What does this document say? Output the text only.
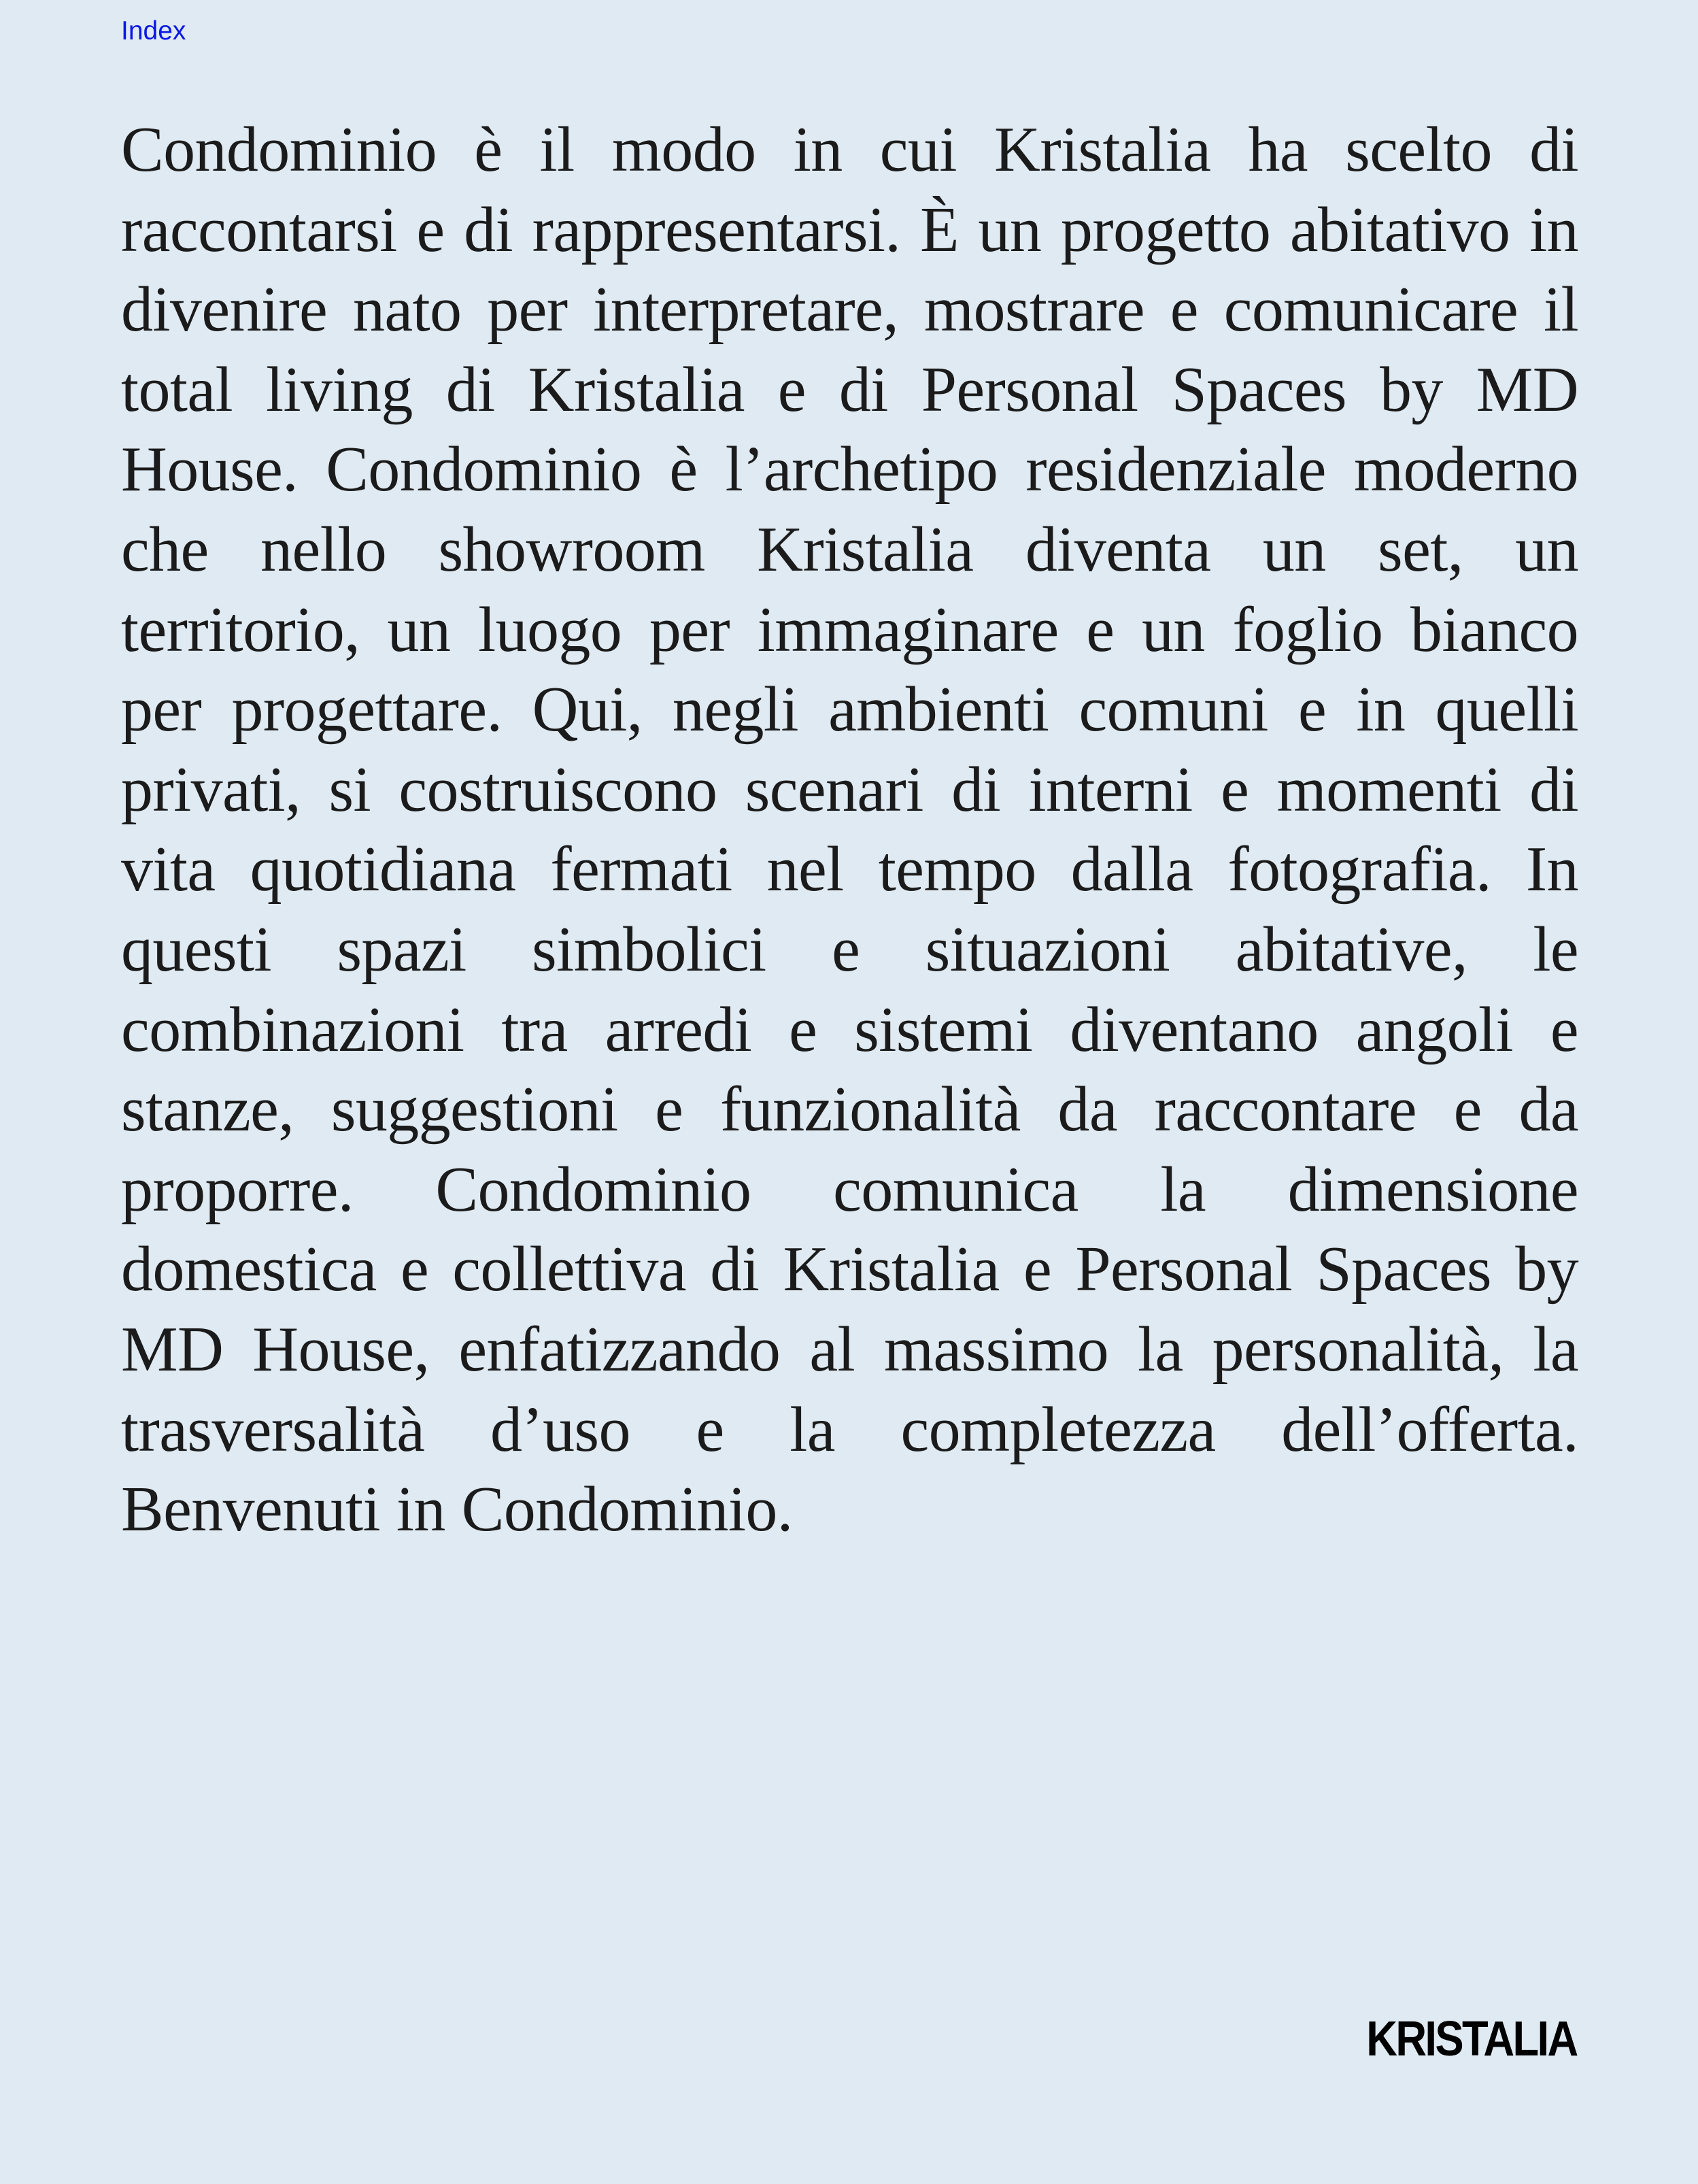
Index

Condominio è il modo in cui Kristalia ha scelto di raccontarsi e di rappresentarsi. È un progetto abitativo in divenire nato per interpretare, mostrare e comunicare il total living di Kristalia e di Personal Spaces by MD House. Condominio è l’archetipo residenziale moderno che nello showroom Kristalia diventa un set, un territorio, un luogo per immaginare e un foglio bianco per progettare. Qui, negli ambienti comuni e in quelli privati, si costruiscono scenari di interni e momenti di vita quotidiana fermati nel tempo dalla fotografia. In questi spazi simbolici e situazioni abitative, le combinazioni tra arredi e sistemi diventano angoli e stanze, suggestioni e funzionalità da raccontare e da proporre. Condominio comunica la dimensione domestica e collettiva di Kristalia e Personal Spaces by MD House, enfatizzando al massimo la personalità, la trasversalità d’uso e la completezza dell’offerta. Benvenuti in Condominio.

KRISTALIA
